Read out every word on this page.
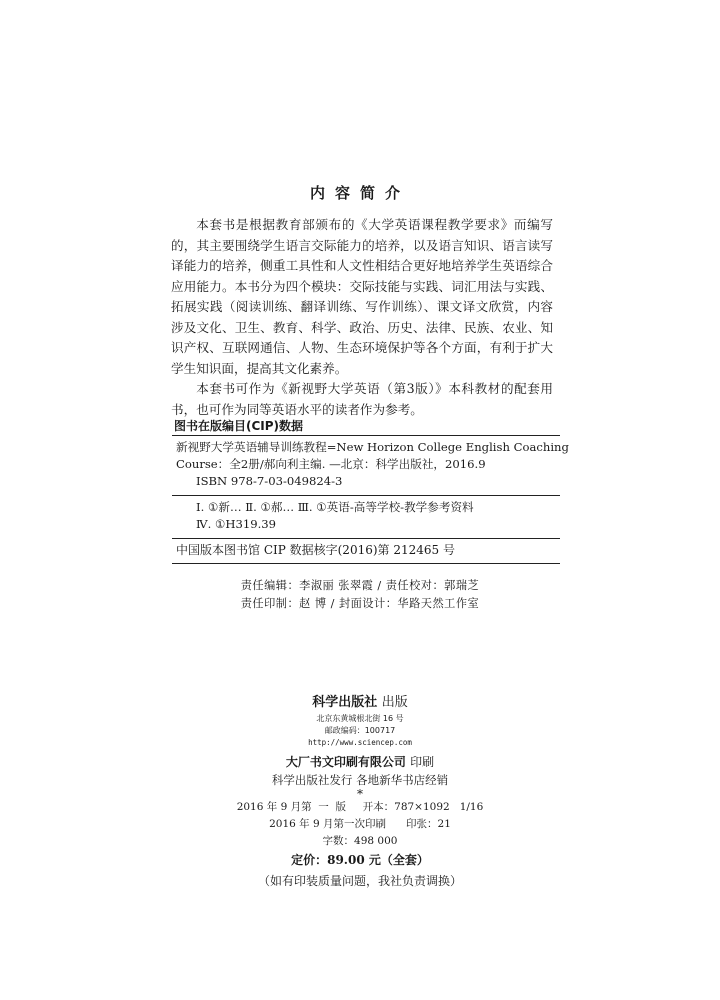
内容简介

本套书是根据教育部颁布的《大学英语课程教学要求》而编写的，其主要围绕学生语言交际能力的培养，以及语言知识、语言读写译能力的培养，侧重工具性和人文性相结合更好地培养学生英语综合应用能力。本书分为四个模块：交际技能与实践、词汇用法与实践、拓展实践（阅读训练、翻译训练、写作训练）、课文译文欣赏，内容涉及文化、卫生、教育、科学、政治、历史、法律、民族、农业、知识产权、互联网通信、人物、生态环境保护等各个方面，有利于扩大学生知识面，提高其文化素养。

本套书可作为《新视野大学英语（第3版）》本科教材的配套用书，也可作为同等英语水平的读者作为参考。

图书在版编目(CIP)数据
新视野大学英语辅导训练教程=New Horizon College English Coaching
Course：全2册/郝向利主编. —北京：科学出版社，2016.9
ISBN 978-7-03-049824-3
Ⅰ. ①新… Ⅱ. ①郝… Ⅲ. ①英语-高等学校-教学参考资料
Ⅳ. ①H319.39
中国版本图书馆 CIP 数据核字(2016)第 212465 号
责任编辑：李淑丽 张翠霞 / 责任校对：郭瑞芝
责任印制：赵 博 / 封面设计：华路天然工作室
科学出版社 出版
北京东黄城根北街 16 号
邮政编码：100717
http://www.sciencep.com
大厂书文印刷有限公司 印刷
科学出版社发行 各地新华书店经销
*
2016 年 9 月第  一  版     开本：787×1092   1/16
2016 年 9 月第一次印刷      印张：21
字数：498 000
定价：89.00 元（全套）
（如有印装质量问题，我社负责调换）
